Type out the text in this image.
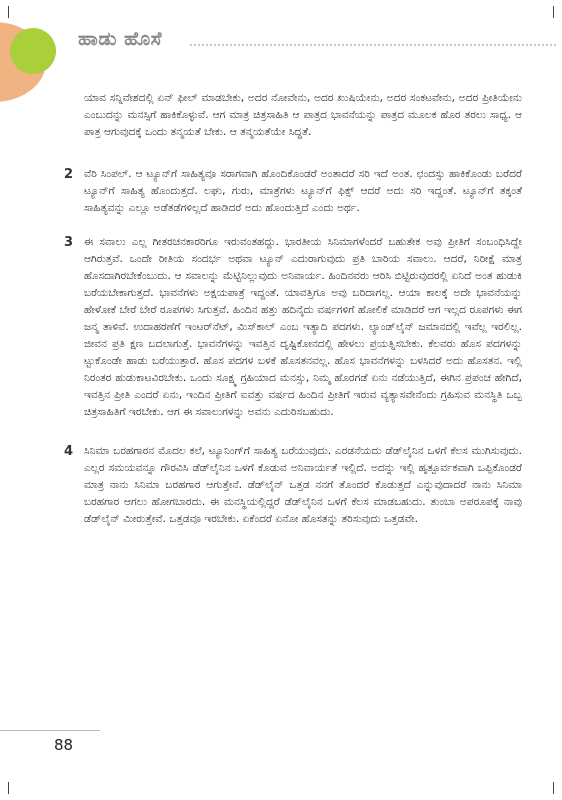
ಹಾಡು ಹೊಸೆ

ಯಾವ ಸನ್ನಿವೇಶದಲ್ಲಿ ಏನ್ ಫೀಲ್ ಮಾಡಬೇಕು, ಅದರ ನೋವೇನು, ಅದರ ಖುಷಿಯೇನು, ಅದರ ಸಂಕಟವೇನು, ಅದರ ಪ್ರೀತಿಯೇನು ಎಂಬುದನ್ನು ಮನಸ್ಸಿಗೆ ಹಾಕಿಕೊಳ್ಳುವೆ. ಆಗ ಮಾತ್ರ ಚಿತ್ರಸಾಹಿತಿ ಆ ಪಾತ್ರದ ಭಾವನೆಯನ್ನು ಪಾತ್ರದ ಮೂಲಕ ಹೊರ ತರಲು ಸಾಧ್ಯ. ಆ ಪಾತ್ರ ಆಗುವುದಕ್ಕೆ ಒಂದು ತನ್ಮಯತೆ ಬೇಕು. ಆ ತನ್ಮಯತೆಯೇ ಸಿದ್ಧತೆ.

2 ವೆರಿ ಸಿಂಪಲ್. ಆ ಟ್ಯೂನ್‌ಗೆ ಸಾಹಿತ್ಯವೂ ಸರಾಗವಾಗಿ ಹೊಂದಿಕೊಂಡರೆ ಅಂತಾದರೆ ಸರಿ ಇದೆ ಅಂತ. ಛಂದಸ್ಸು ಹಾಕಿಕೊಂಡು ಬರೆದರೆ ಟ್ಯೂನ್‌ಗೆ ಸಾಹಿತ್ಯ ಹೊಂದುತ್ತದೆ. ಲಘು, ಗುರು, ಮಾತ್ರೆಗಳು ಟ್ಯೂನ್‌ಗೆ ಫಿಕ್ಸ್ ಆದರೆ ಅದು ಸರಿ ಇದ್ದಂತೆ. ಟ್ಯೂನ್‌ಗೆ ತಕ್ಕಂತೆ ಸಾಹಿತ್ಯವನ್ನು ಎಲ್ಲೂ ಅಡೆತಡೆಗಳಿಲ್ಲದೆ ಹಾಡಿದರೆ ಅದು ಹೊಂದುತ್ತಿದೆ ಎಂದು ಅರ್ಥ.

3 ಈ ಸವಾಲು ಎಲ್ಲ ಗೀತರಚನಕಾರರಿಗೂ ಇರುವಂತಹದ್ದು. ಭಾರತೀಯ ಸಿನಿಮಾಗಳೆಂದರೆ ಬಹುತೇಕ ಅವು ಪ್ರೀತಿಗೆ ಸಂಬಂಧಿಸಿದ್ದೇ ಆಗಿರುತ್ತವೆ. ಒಂದೇ ರೀತಿಯ ಸಂದರ್ಭ ಅಥವಾ ಟ್ಯೂನ್ ಎದುರಾಗುವುದು ಪ್ರತಿ ಬಾರಿಯ ಸವಾಲು. ಆದರೆ, ನಿರೀಕ್ಷೆ ಮಾತ್ರ ಹೊಸದಾಗಿರಬೇಕೆಂಬುದು. ಆ ಸವಾಲನ್ನು ಮೆಟ್ಟಿನಿಲ್ಲುವುದು ಅನಿವಾರ್ಯ. ಹಿಂದಿನವರು ಆರಿಸಿ ಬಿಟ್ಟಿರುವುದರಲ್ಲಿ ಏನಿದೆ ಅಂತ ಹುಡುಕಿ ಬರೆಯಬೇಕಾಗುತ್ತದೆ. ಭಾವನೆಗಳು ಅಕ್ಷಯಪಾತ್ರೆ ಇದ್ದಂತೆ. ಯಾವತ್ತಿಗೂ ಅವು ಬರಿದಾಗಲ್ಲ. ಆಯಾ ಕಾಲಕ್ಕೆ ಅದೇ ಭಾವನೆಯನ್ನು ಹೇಳೋಕೆ ಬೇರೆ ಬೇರೆ ರೂಪಗಳು ಸಿಗುತ್ತವೆ. ಹಿಂದಿನ ಹತ್ತು ಹದಿನೈದು ವರ್ಷಗಳಿಗೆ ಹೋಲಿಕೆ ಮಾಡಿದರೆ ಆಗ ಇಲ್ಲದ ರೂಪಗಳು ಈಗ ಜನ್ಮ ತಾಳಿವೆ. ಉದಾಹರಣೆಗೆ ಇಂಟರ್‌ನೆಟ್, ಮಿಸ್‌ಕಾಲ್ ಎಂಬ ಇತ್ಯಾದಿ ಪದಗಳು. ಲ್ಯಾಂಡ್‌ಲೈನ್ ಜಮಾನದಲ್ಲಿ ಇವೆಲ್ಲ ಇರಲಿಲ್ಲ. ಜೀವನ ಪ್ರತಿ ಕ್ಷಣ ಬದಲಾಗುತ್ತೆ. ಭಾವನೆಗಳನ್ನು ಇವತ್ತಿನ ದೃಷ್ಟಿಕೋನದಲ್ಲಿ ಹೇಳಲು ಪ್ರಯತ್ನಿಸಬೇಕು. ಕೆಲವರು ಹೊಸ ಪದಗಳನ್ನು ಟ್ಟುಕೊಂಡೇ ಹಾಡು ಬರೆಯುತ್ತಾರೆ. ಹೊಸ ಪದಗಳ ಬಳಕೆ ಹೊಸತನವಲ್ಲ. ಹೊಸ ಭಾವನೆಗಳನ್ನು ಬಳಸಿದರೆ ಅದು ಹೊಸತನ. ಇಲ್ಲಿ ನಿರಂತರ ಹುಡುಕಾಟವಿರಬೇಕು. ಒಂದು ಸೂಕ್ಷ್ಮ ಗ್ರಹಿಯಾದ ಮನಸ್ಸು, ನಿಮ್ಮ ಹೊರಗಡೆ ಏನು ನಡೆಯುತ್ತಿದೆ, ಈಗಿನ ಪ್ರಪಂಚ ಹೇಗಿದೆ, ಇವತ್ತಿನ ಪ್ರೀತಿ ಎಂದರೆ ಏನು, ಇಂದಿನ ಪ್ರೀತಿಗೆ ಐವತ್ತು ವರ್ಷದ ಹಿಂದಿನ ಪ್ರೀತಿಗೆ ಇರುವ ವ್ಯತ್ಯಾಸವೇನೆಂದು ಗ್ರಹಿಸುವ ಮನಸ್ಥಿತಿ ಒಬ್ಬ ಚಿತ್ರಸಾಹಿತಿಗೆ ಇರಬೇಕು. ಆಗ ಈ ಸವಾಲುಗಳನ್ನು ಅವನು ಎದುರಿಸಬಹುದು.

4 ಸಿನಿಮಾ ಬರಹಗಾರನ ಮೊದಲ ಕಲೆ, ಟ್ಯೂನಿಂಗ್‌ಗೆ ಸಾಹಿತ್ಯ ಬರೆಯುವುದು. ಎರಡನೆಯದು ಡೆಡ್‌ಲೈನಿನ ಒಳಗೆ ಕೆಲಸ ಮುಗಿಸುವುದು. ಎಲ್ಲರ ಸಮಯವನ್ನೂ ಗೌರವಿಸಿ ಡೆಡ್‌ಲೈನಿನ ಒಳಗೆ ಕೊಡುವ ಅನಿವಾರ್ಯತೆ ಇಲ್ಲಿದೆ. ಅದನ್ನು ಇಲ್ಲಿ ಹೃತ್ಪೂರ್ವಕವಾಗಿ ಒಪ್ಪಿಕೊಂಡರೆ ಮಾತ್ರ ನಾನು ಸಿನಿಮಾ ಬರಹಗಾರ ಆಗುತ್ತೇನೆ. ಡೆಡ್‌ಲೈನ್ ಒತ್ತಡ ನನಗೆ ತೊಂದರೆ ಕೊಡುತ್ತದೆ ಎನ್ನುವುದಾದರೆ ನಾನು ಸಿನಿಮಾ ಬರಹಗಾರ ಆಗಲು ಹೋಗಬಾರದು. ಈ ಮನಸ್ಥಿಯಲ್ಲಿದ್ದರೆ ಡೆಡ್‌ಲೈನಿನ ಒಳಗೆ ಕೆಲಸ ಮಾಡಬಹುದು. ತುಂಬಾ ಅಪರೂಪಕ್ಕೆ ನಾವು ಡೆಡ್‌ಲೈನ್ ಮೀರುತ್ತೇವೆ. ಒತ್ತಡವೂ ಇರಬೇಕು. ಏಕೆಂದರೆ ಏನೋ ಹೊಸತನ್ನು ತರಿಸುವುದು ಒತ್ತಡವೇ.

88
